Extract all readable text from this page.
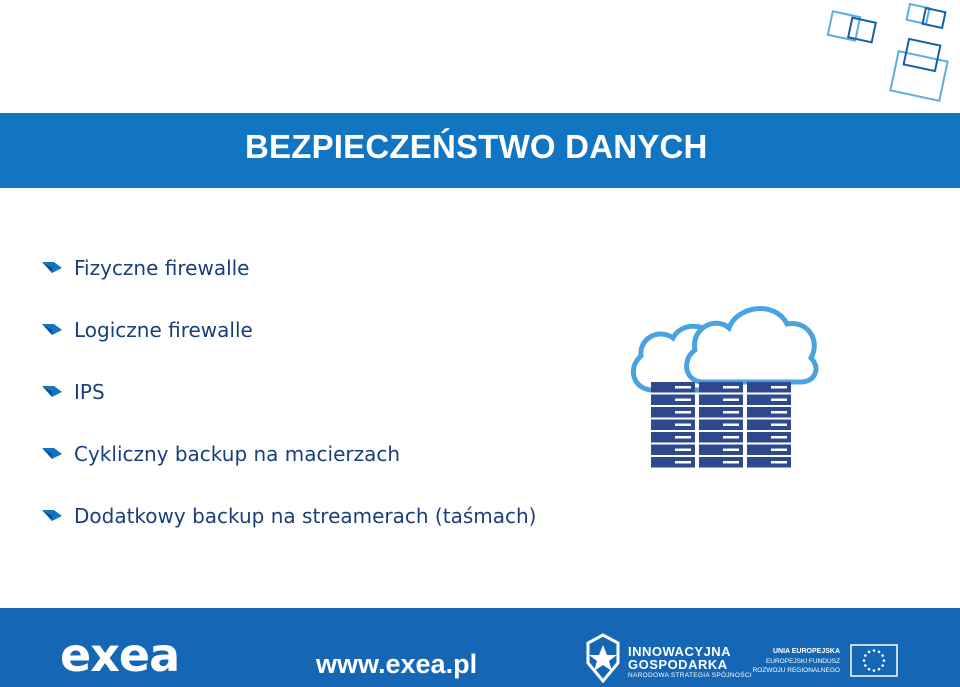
BEZPIECZEŃSTWO DANYCH
Fizyczne firewalle
Logiczne firewalle
IPS
Cykliczny backup na macierzach
Dodatkowy backup na streamerach (taśmach)
exea	www.exea.pl	INNOWACYJNA
GOSPODARKA
NARODOWA STRATEGIA SPÓJNOŚCI
UNIA EUROPEJSKA
EUROPEJSKI FUNDUSZ
ROZWOJU REGIONALNEGO
